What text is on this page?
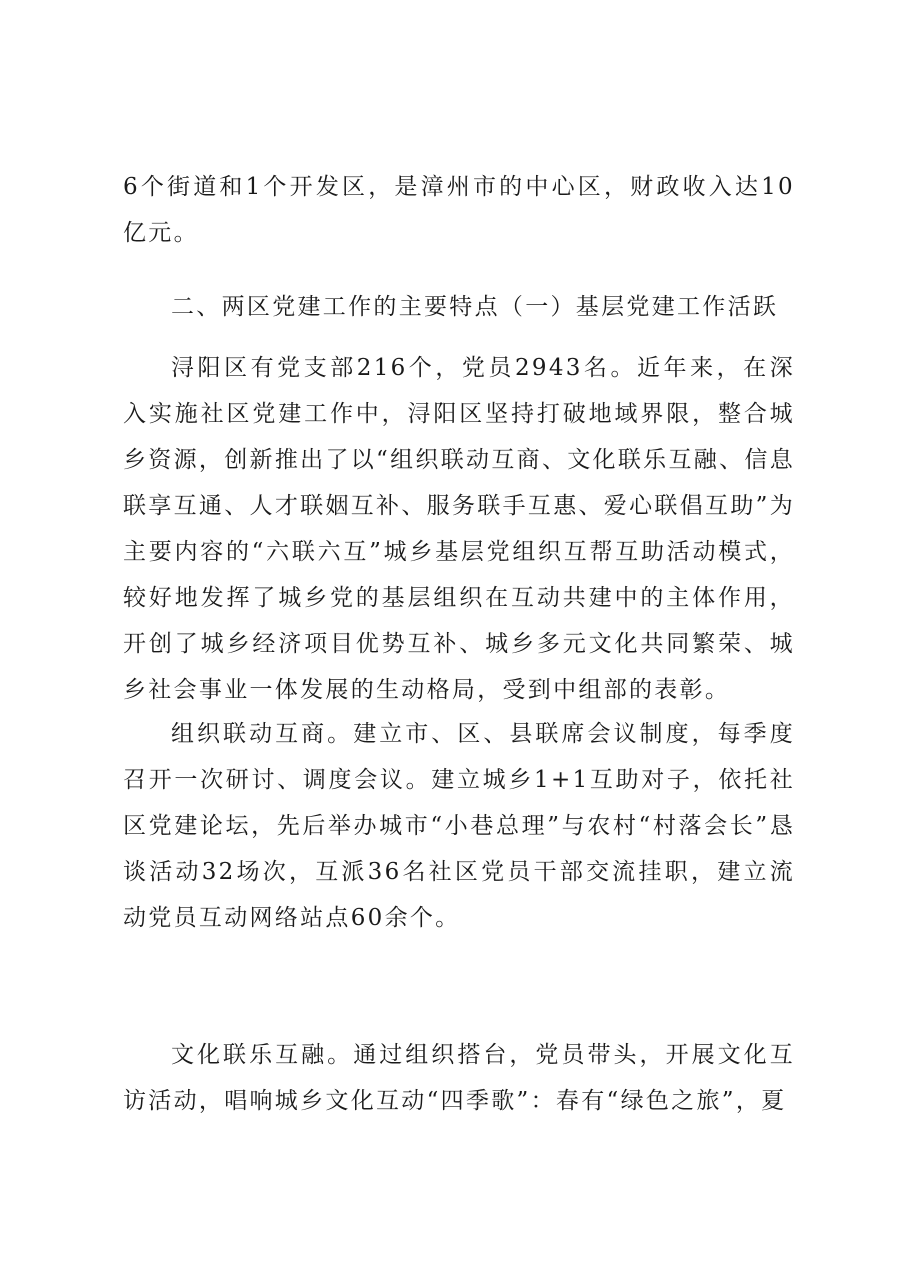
6个街道和1个开发区，是漳州市的中心区，财政收入达10亿元。

二、两区党建工作的主要特点（一）基层党建工作活跃

浔阳区有党支部216个，党员2943名。近年来，在深入实施社区党建工作中，浔阳区坚持打破地域界限，整合城乡资源，创新推出了以“组织联动互商、文化联乐互融、信息联享互通、人才联姻互补、服务联手互惠、爱心联倡互助”为主要内容的“六联六互”城乡基层党组织互帮互助活动模式，较好地发挥了城乡党的基层组织在互动共建中的主体作用，开创了城乡经济项目优势互补、城乡多元文化共同繁荣、城乡社会事业一体发展的生动格局，受到中组部的表彰。

组织联动互商。建立市、区、县联席会议制度，每季度召开一次研讨、调度会议。建立城乡1+1互助对子，依托社区党建论坛，先后举办城市“小巷总理”与农村“村落会长”恳谈活动32场次，互派36名社区党员干部交流挂职，建立流动党员互动网络站点60余个。

文化联乐互融。通过组织搭台，党员带头，开展文化互访活动，唱响城乡文化互动“四季歌”：春有“绿色之旅”，夏
